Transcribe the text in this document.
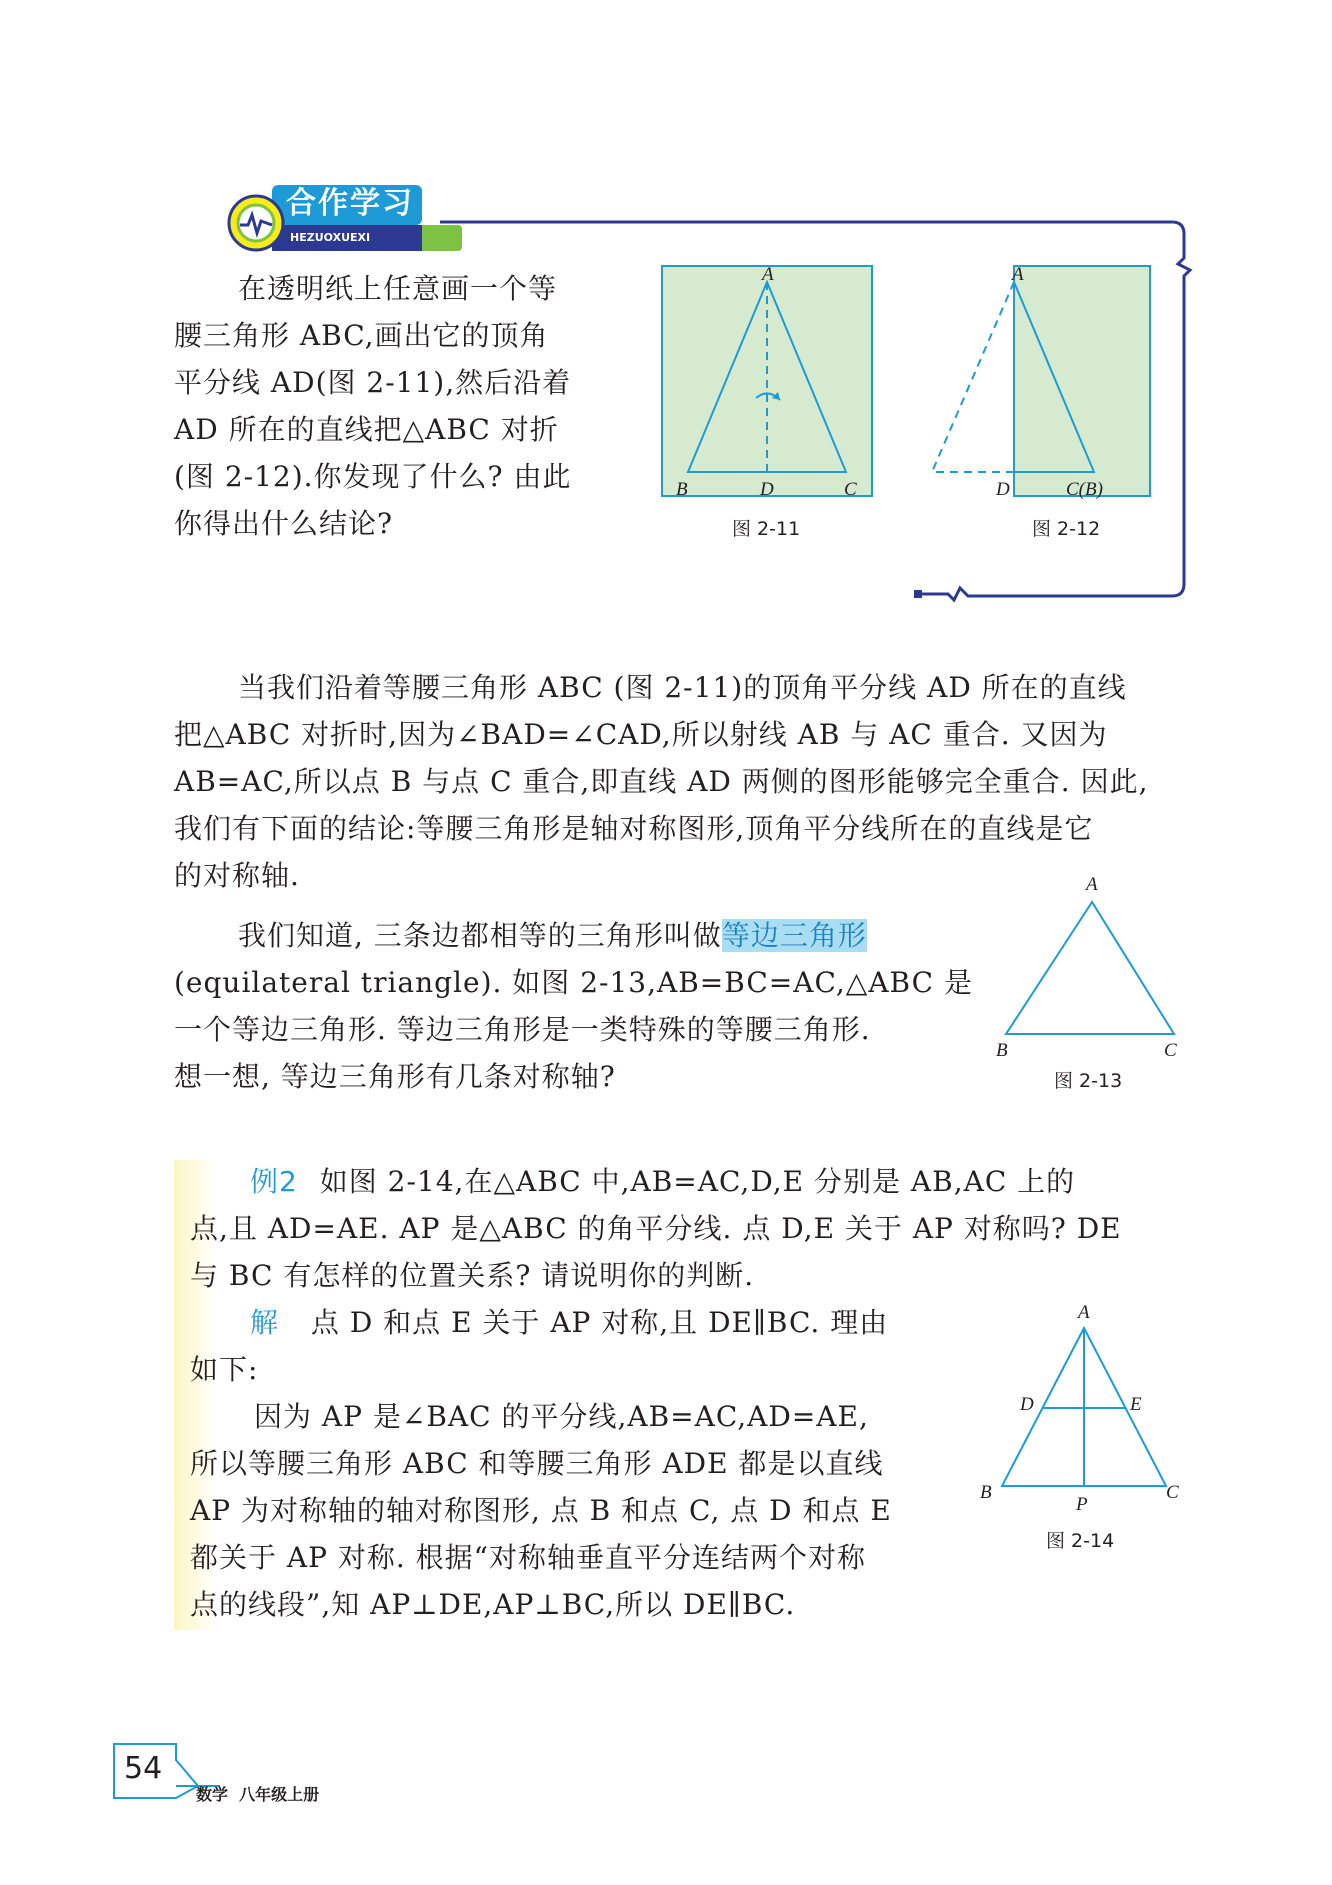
合作学习
HEZUOXUEXI
在透明纸上任意画一个等
腰三角形 ABC,画出它的顶角
平分线 AD(图 2-11),然后沿着
AD 所在的直线把△ABC 对折
(图 2-12).你发现了什么? 由此
你得出什么结论?
A
B	D	C
图 2-11
A
D	C(B)
图 2-12
当我们沿着等腰三角形 ABC (图 2-11)的顶角平分线 AD 所在的直线
把△ABC 对折时,因为∠BAD=∠CAD,所以射线 AB 与 AC 重合. 又因为
AB=AC,所以点 B 与点 C 重合,即直线 AD 两侧的图形能够完全重合. 因此,
我们有下面的结论:等腰三角形是轴对称图形,顶角平分线所在的直线是它
的对称轴.
我们知道, 三条边都相等的三角形叫做等边三角形
(equilateral triangle). 如图 2-13,AB=BC=AC,△ABC 是
一个等边三角形. 等边三角形是一类特殊的等腰三角形.
想一想, 等边三角形有几条对称轴?
A
B	C
图 2-13
例2 如图 2-14,在△ABC 中,AB=AC,D,E 分别是 AB,AC 上的
点,且 AD=AE. AP 是△ABC 的角平分线. 点 D,E 关于 AP 对称吗? DE
与 BC 有怎样的位置关系? 请说明你的判断.
解 点 D 和点 E 关于 AP 对称,且 DE∥BC. 理由
如下:
因为 AP 是∠BAC 的平分线,AB=AC,AD=AE,
所以等腰三角形 ABC 和等腰三角形 ADE 都是以直线
AP 为对称轴的轴对称图形, 点 B 和点 C, 点 D 和点 E
都关于 AP 对称. 根据“对称轴垂直平分连结两个对称
点的线段”,知 AP⊥DE,AP⊥BC,所以 DE∥BC.
A
D	E
B
P
C
图 2-14
54
数学  八年级上册
